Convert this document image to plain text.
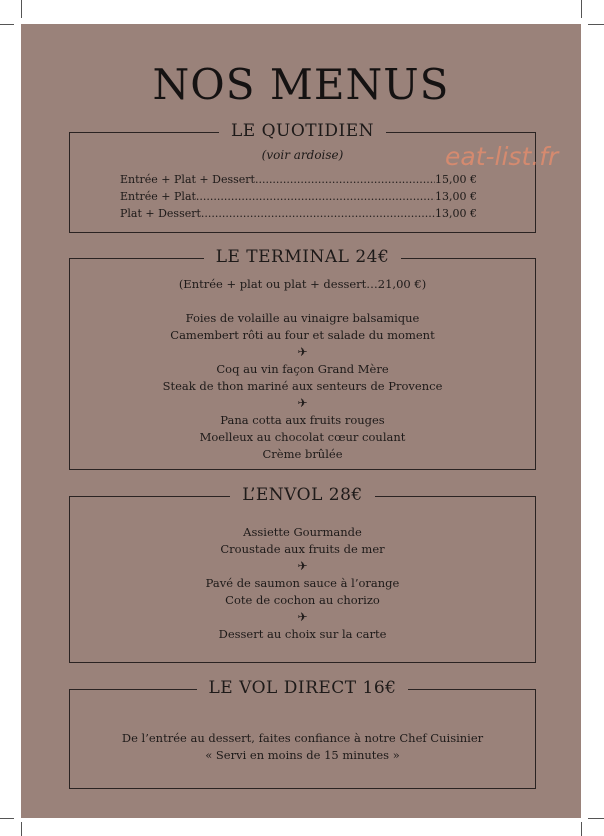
NOS MENUS
LE QUOTIDIEN
(voir ardoise)
Entrée + Plat + Dessert .....	15,00 €
Entrée + Plat .....	13,00 €
Plat + Dessert .....	13,00 €
LE TERMINAL 24€
(Entrée + plat ou plat + dessert…21,00 €)
Foies de volaille au vinaigre balsamique
Camembert rôti au four et salade du moment
✈
Coq au vin façon Grand Mère
Steak de thon mariné aux senteurs de Provence
✈
Pana cotta aux fruits rouges
Moelleux au chocolat cœur coulant
Crème brûlée
L’ENVOL 28€
Assiette Gourmande
Croustade aux fruits de mer
✈
Pavé de saumon sauce à l’orange
Cote de cochon au chorizo
✈
Dessert au choix sur la carte
LE VOL DIRECT 16€
De l’entrée au dessert, faites confiance à notre Chef Cuisinier
« Servi en moins de 15 minutes »
eat-list.fr
